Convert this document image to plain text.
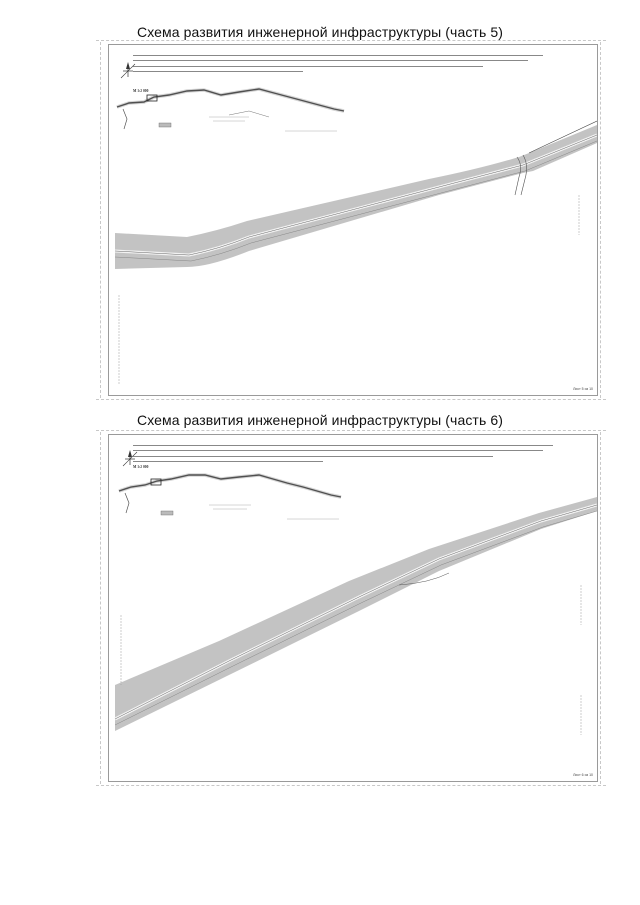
Схема развития инженерной инфраструктуры (часть 5)
М 1:2 000
Лист 5 из 10
Схема развития инженерной инфраструктуры (часть 6)
М 1:2 000
Лист 6 из 10
